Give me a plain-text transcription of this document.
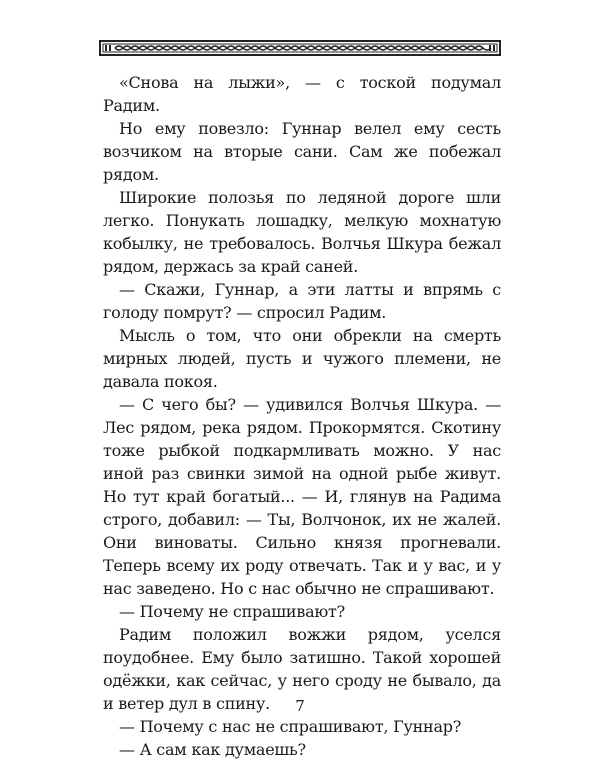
«Снова на лыжи», — с тоской подумал Радим.

Но ему повезло: Гуннар велел ему сесть возчиком на вторые сани. Сам же побежал рядом.

Широкие полозья по ледяной дороге шли легко. Понукать лошадку, мелкую мохнатую кобылку, не требовалось. Волчья Шкура бежал рядом, держась за край саней.

— Скажи, Гуннар, а эти латты и впрямь с голоду помрут? — спросил Радим.

Мысль о том, что они обрекли на смерть мирных людей, пусть и чужого племени, не давала покоя.

— С чего бы? — удивился Волчья Шкура. — Лес рядом, река рядом. Прокормятся. Скотину тоже рыбкой подкармливать можно. У нас иной раз свинки зимой на одной рыбе живут. Но тут край богатый... — И, глянув на Радима строго, добавил: — Ты, Волчонок, их не жалей. Они виноваты. Сильно князя прогневали. Теперь всему их роду отвечать. Так и у вас, и у нас заведено. Но с нас обычно не спрашивают.

— Почему не спрашивают?

Радим положил вожжи рядом, уселся поудобнее. Ему было затишно. Такой хорошей одёжки, как сейчас, у него сроду не бывало, да и ветер дул в спину.

— Почему с нас не спрашивают, Гуннар?

— А сам как думаешь?

7
